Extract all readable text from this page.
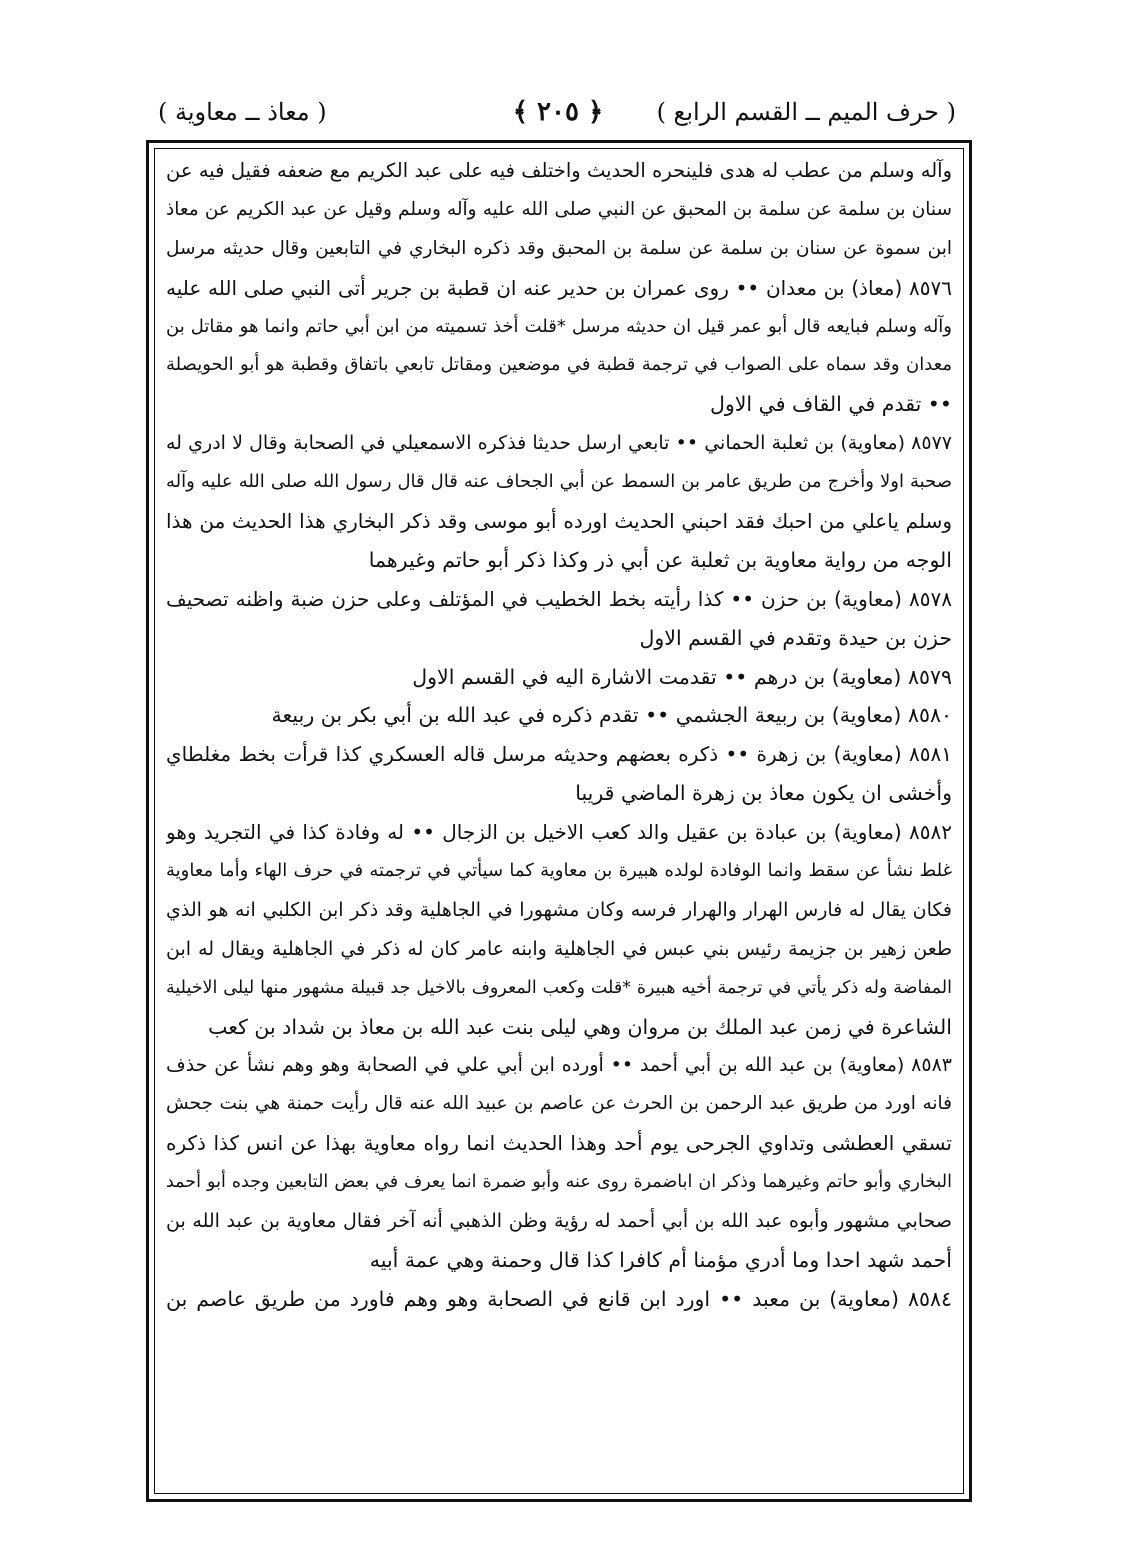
( حرف الميم ــ القسم الرابع )
﴿ ٢٠٥ ﴾
( معاذ ــ معاوية )
وآله وسلم من عطب له هدى فلينحره الحديث واختلف فيه على عبد الكريم مع ضعفه فقيل فيه عن
سنان بن سلمة عن سلمة بن المحبق عن النبي صلى الله عليه وآله وسلم وقيل عن عبد الكريم عن معاذ
ابن سموة عن سنان بن سلمة عن سلمة بن المحبق وقد ذكره البخاري في التابعين وقال حديثه مرسل
٨٥٧٦ (معاذ) بن معدان •• روى عمران بن حدير عنه ان قطبة بن جرير أتى النبي صلى الله عليه
وآله وسلم فبايعه قال أبو عمر قيل ان حديثه مرسل *قلت أخذ تسميته من ابن أبي حاتم وانما هو مقاتل بن
معدان وقد سماه على الصواب في ترجمة قطبة في موضعين ومقاتل تابعي باتفاق وقطبة هو أبو الحويصلة
•• تقدم في القاف في الاول
٨٥٧٧ (معاوية) بن ثعلبة الحماني •• تابعي ارسل حديثا فذكره الاسمعيلي في الصحابة وقال لا ادري له
صحبة اولا وأخرج من طريق عامر بن السمط عن أبي الجحاف عنه قال قال رسول الله صلى الله عليه وآله
وسلم ياعلي من احبك فقد احبني الحديث اورده أبو موسى وقد ذكر البخاري هذا الحديث من هذا
الوجه من رواية معاوية بن ثعلبة عن أبي ذر وكذا ذكر أبو حاتم وغيرهما
٨٥٧٨ (معاوية) بن حزن •• كذا رأيته بخط الخطيب في المؤتلف وعلى حزن ضبة واظنه تصحيف
حزن بن حيدة وتقدم في القسم الاول
٨٥٧٩ (معاوية) بن درهم •• تقدمت الاشارة اليه في القسم الاول
٨٥٨٠ (معاوية) بن ربيعة الجشمي •• تقدم ذكره في عبد الله بن أبي بكر بن ربيعة
٨٥٨١ (معاوية) بن زهرة •• ذكره بعضهم وحديثه مرسل قاله العسكري كذا قرأت بخط مغلطاي
وأخشى ان يكون معاذ بن زهرة الماضي قريبا
٨٥٨٢ (معاوية) بن عبادة بن عقيل والد كعب الاخيل بن الزجال •• له وفادة كذا في التجريد وهو
غلط نشأ عن سقط وانما الوفادة لولده هبيرة بن معاوية كما سيأتي في ترجمته في حرف الهاء وأما معاوية
فكان يقال له فارس الهرار والهرار فرسه وكان مشهورا في الجاهلية وقد ذكر ابن الكلبي انه هو الذي
طعن زهير بن جزيمة رئيس بني عبس في الجاهلية وابنه عامر كان له ذكر في الجاهلية ويقال له ابن
المفاضة وله ذكر يأتي في ترجمة أخيه هبيرة *قلت وكعب المعروف بالاخيل جد قبيلة مشهور منها ليلى الاخيلية
الشاعرة في زمن عبد الملك بن مروان وهي ليلى بنت عبد الله بن معاذ بن شداد بن كعب
٨٥٨٣ (معاوية) بن عبد الله بن أبي أحمد •• أورده ابن أبي علي في الصحابة وهو وهم نشأ عن حذف
فانه اورد من طريق عبد الرحمن بن الحرث عن عاصم بن عبيد الله عنه قال رأيت حمنة هي بنت جحش
تسقي العطشى وتداوي الجرحى يوم أحد وهذا الحديث انما رواه معاوية بهذا عن انس كذا ذكره
البخاري وأبو حاتم وغيرهما وذكر ان اباضمرة روى عنه وأبو ضمرة انما يعرف في بعض التابعين وجده أبو أحمد
صحابي مشهور وأبوه عبد الله بن أبي أحمد له رؤية وظن الذهبي أنه آخر فقال معاوية بن عبد الله بن
أحمد شهد احدا وما أدري مؤمنا أم كافرا كذا قال وحمنة وهي عمة أبيه
٨٥٨٤ (معاوية) بن معبد •• اورد ابن قانع في الصحابة وهو وهم فاورد من طريق عاصم بن
